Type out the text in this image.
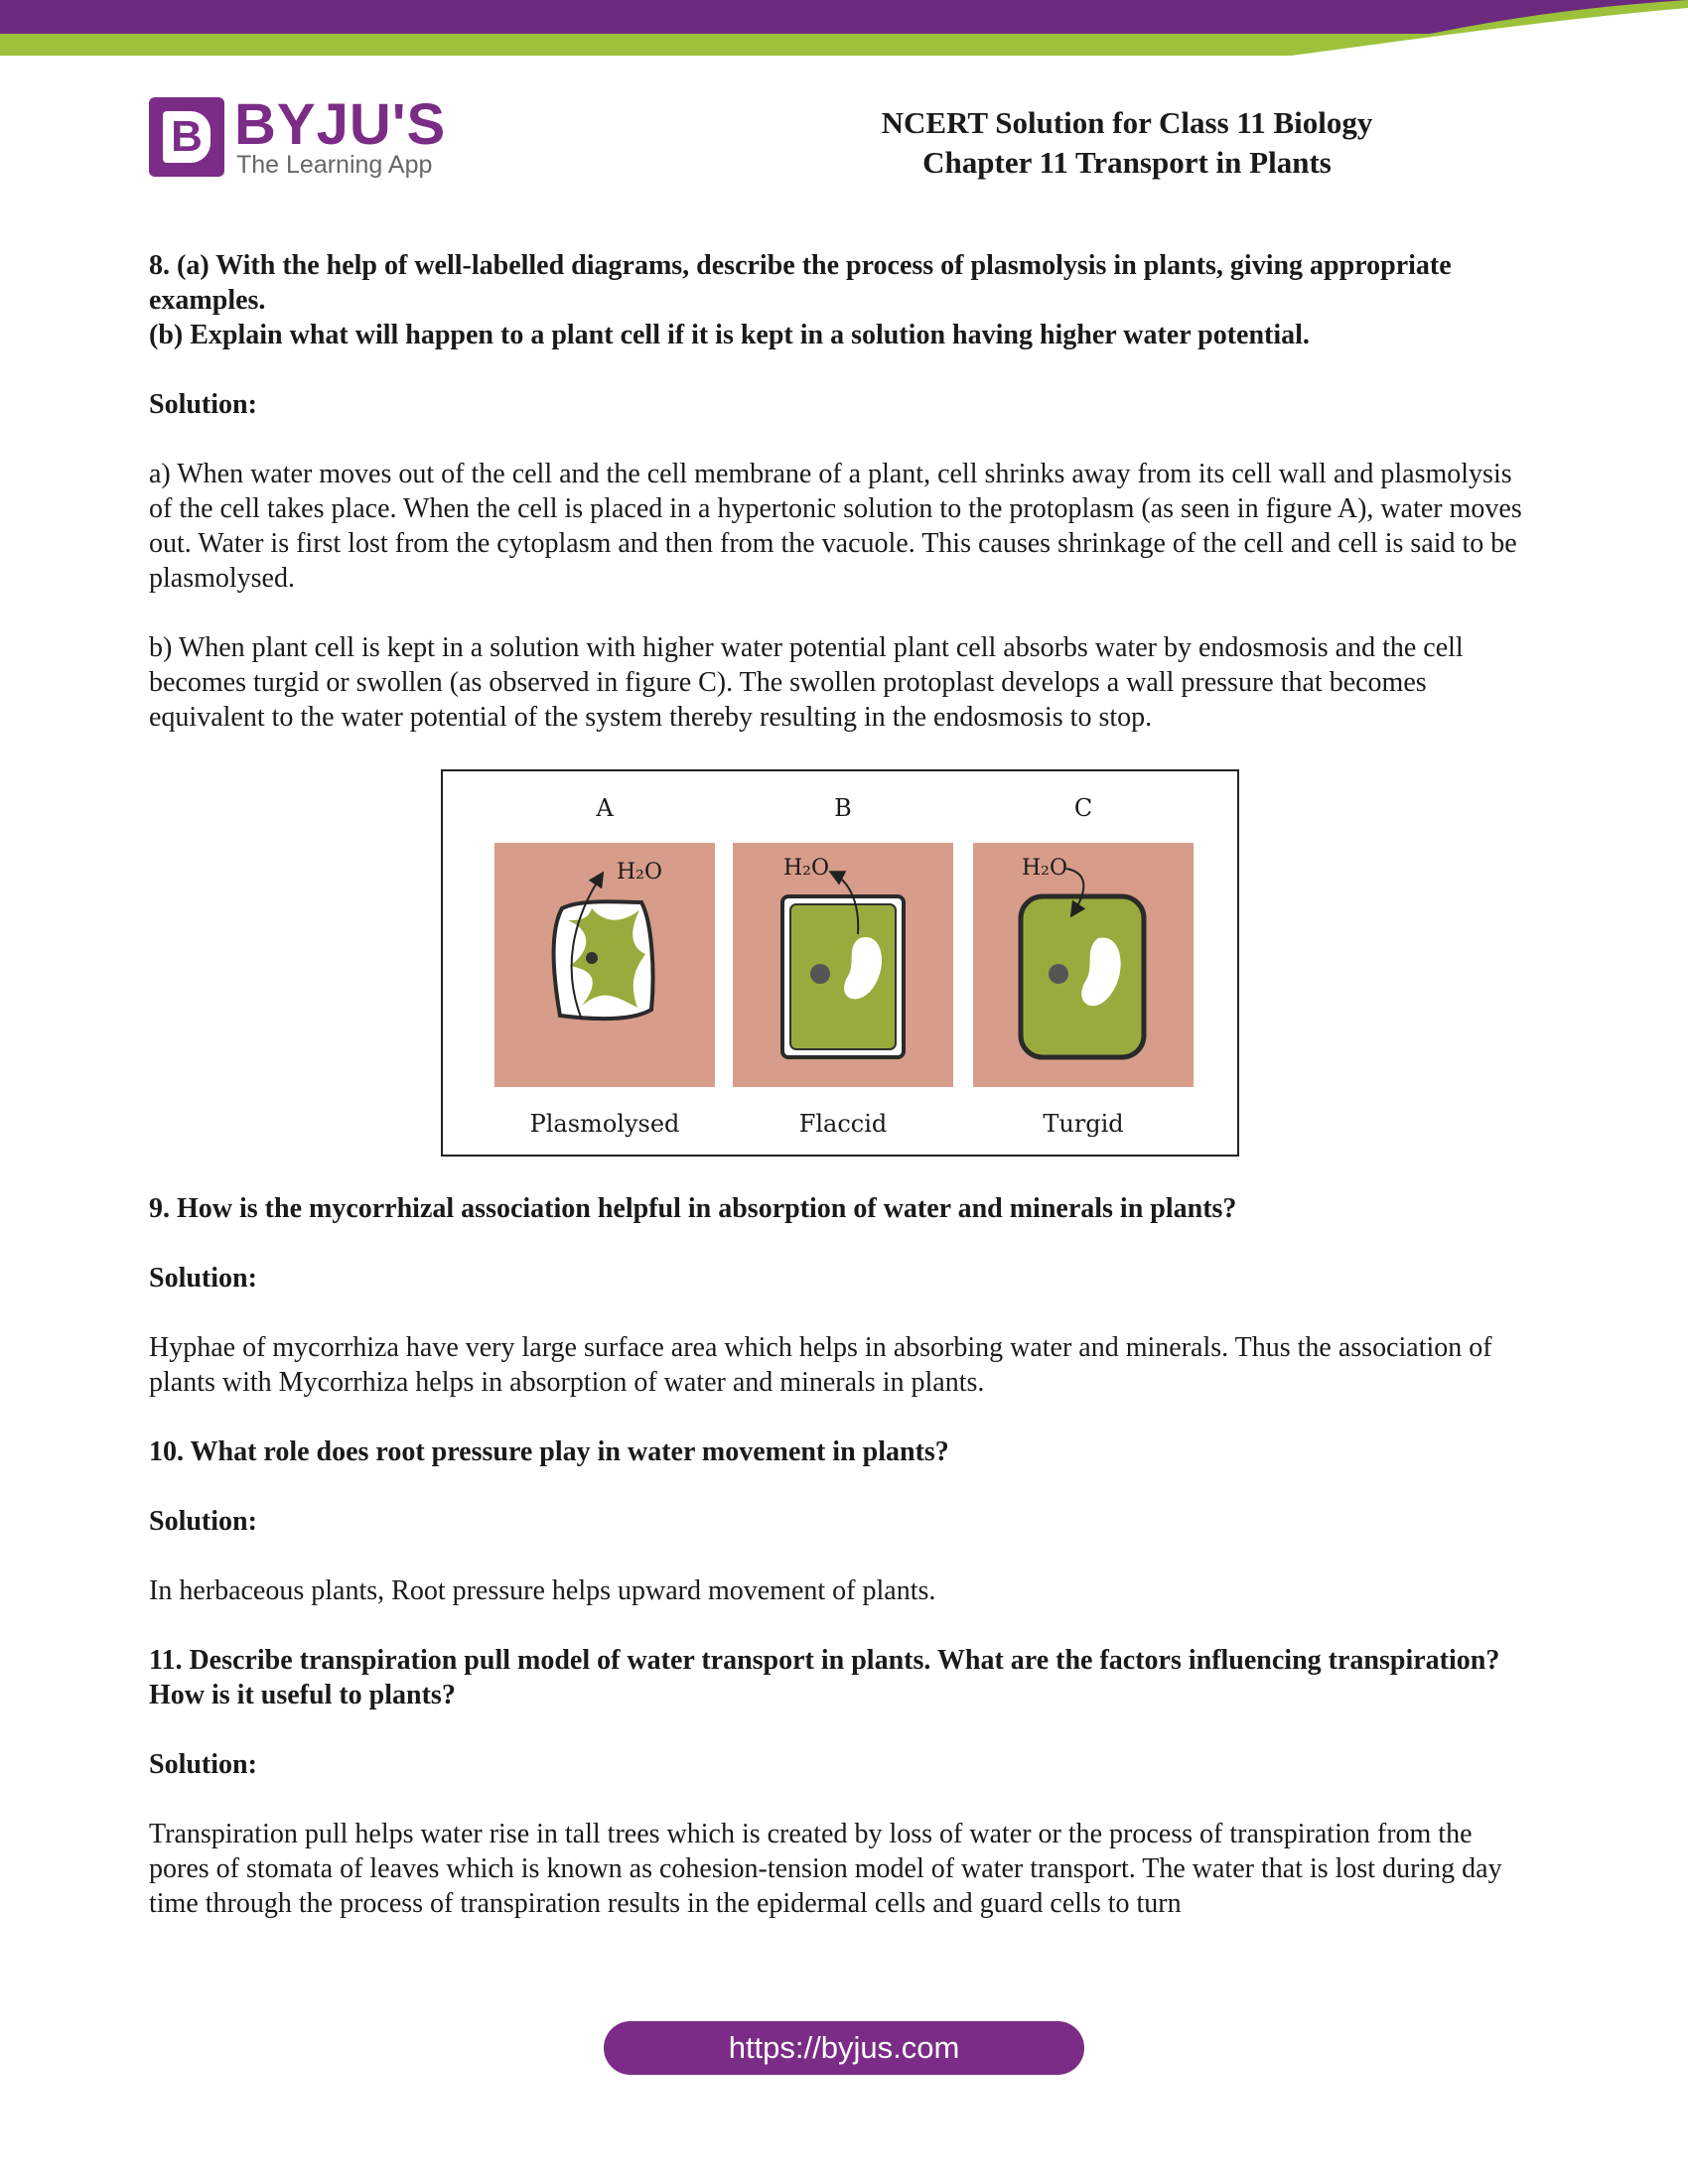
B BYJU'S
The Learning App
NCERT Solution for Class 11 Biology
Chapter 11 Transport in Plants
8. (a) With the help of well-labelled diagrams, describe the process of plasmolysis in plants, giving appropriate examples.
(b) Explain what will happen to a plant cell if it is kept in a solution having higher water potential.

Solution:

a) When water moves out of the cell and the cell membrane of a plant, cell shrinks away from its cell wall and plasmolysis of the cell takes place. When the cell is placed in a hypertonic solution to the protoplasm (as seen in figure A), water moves out. Water is first lost from the cytoplasm and then from the vacuole. This causes shrinkage of the cell and cell is said to be plasmolysed.

b) When plant cell is kept in a solution with higher water potential plant cell absorbs water by endosmosis and the cell becomes turgid or swollen (as observed in figure C). The swollen protoplast develops a wall pressure that becomes equivalent to the water potential of the system thereby resulting in the endosmosis to stop.

A	B	C
H₂O	H₂O	H₂O
Plasmolysed	Flaccid	Turgid

9. How is the mycorrhizal association helpful in absorption of water and minerals in plants?

Solution:

Hyphae of mycorrhiza have very large surface area which helps in absorbing water and minerals. Thus the association of plants with Mycorrhiza helps in absorption of water and minerals in plants.

10. What role does root pressure play in water movement in plants?

Solution:

In herbaceous plants, Root pressure helps upward movement of plants.

11. Describe transpiration pull model of water transport in plants. What are the factors influencing transpiration? How is it useful to plants?

Solution:

Transpiration pull helps water rise in tall trees which is created by loss of water or the process of transpiration from the pores of stomata of leaves which is known as cohesion-tension model of water transport. The water that is lost during day time through the process of transpiration results in the epidermal cells and guard cells to turn

https://byjus.com
